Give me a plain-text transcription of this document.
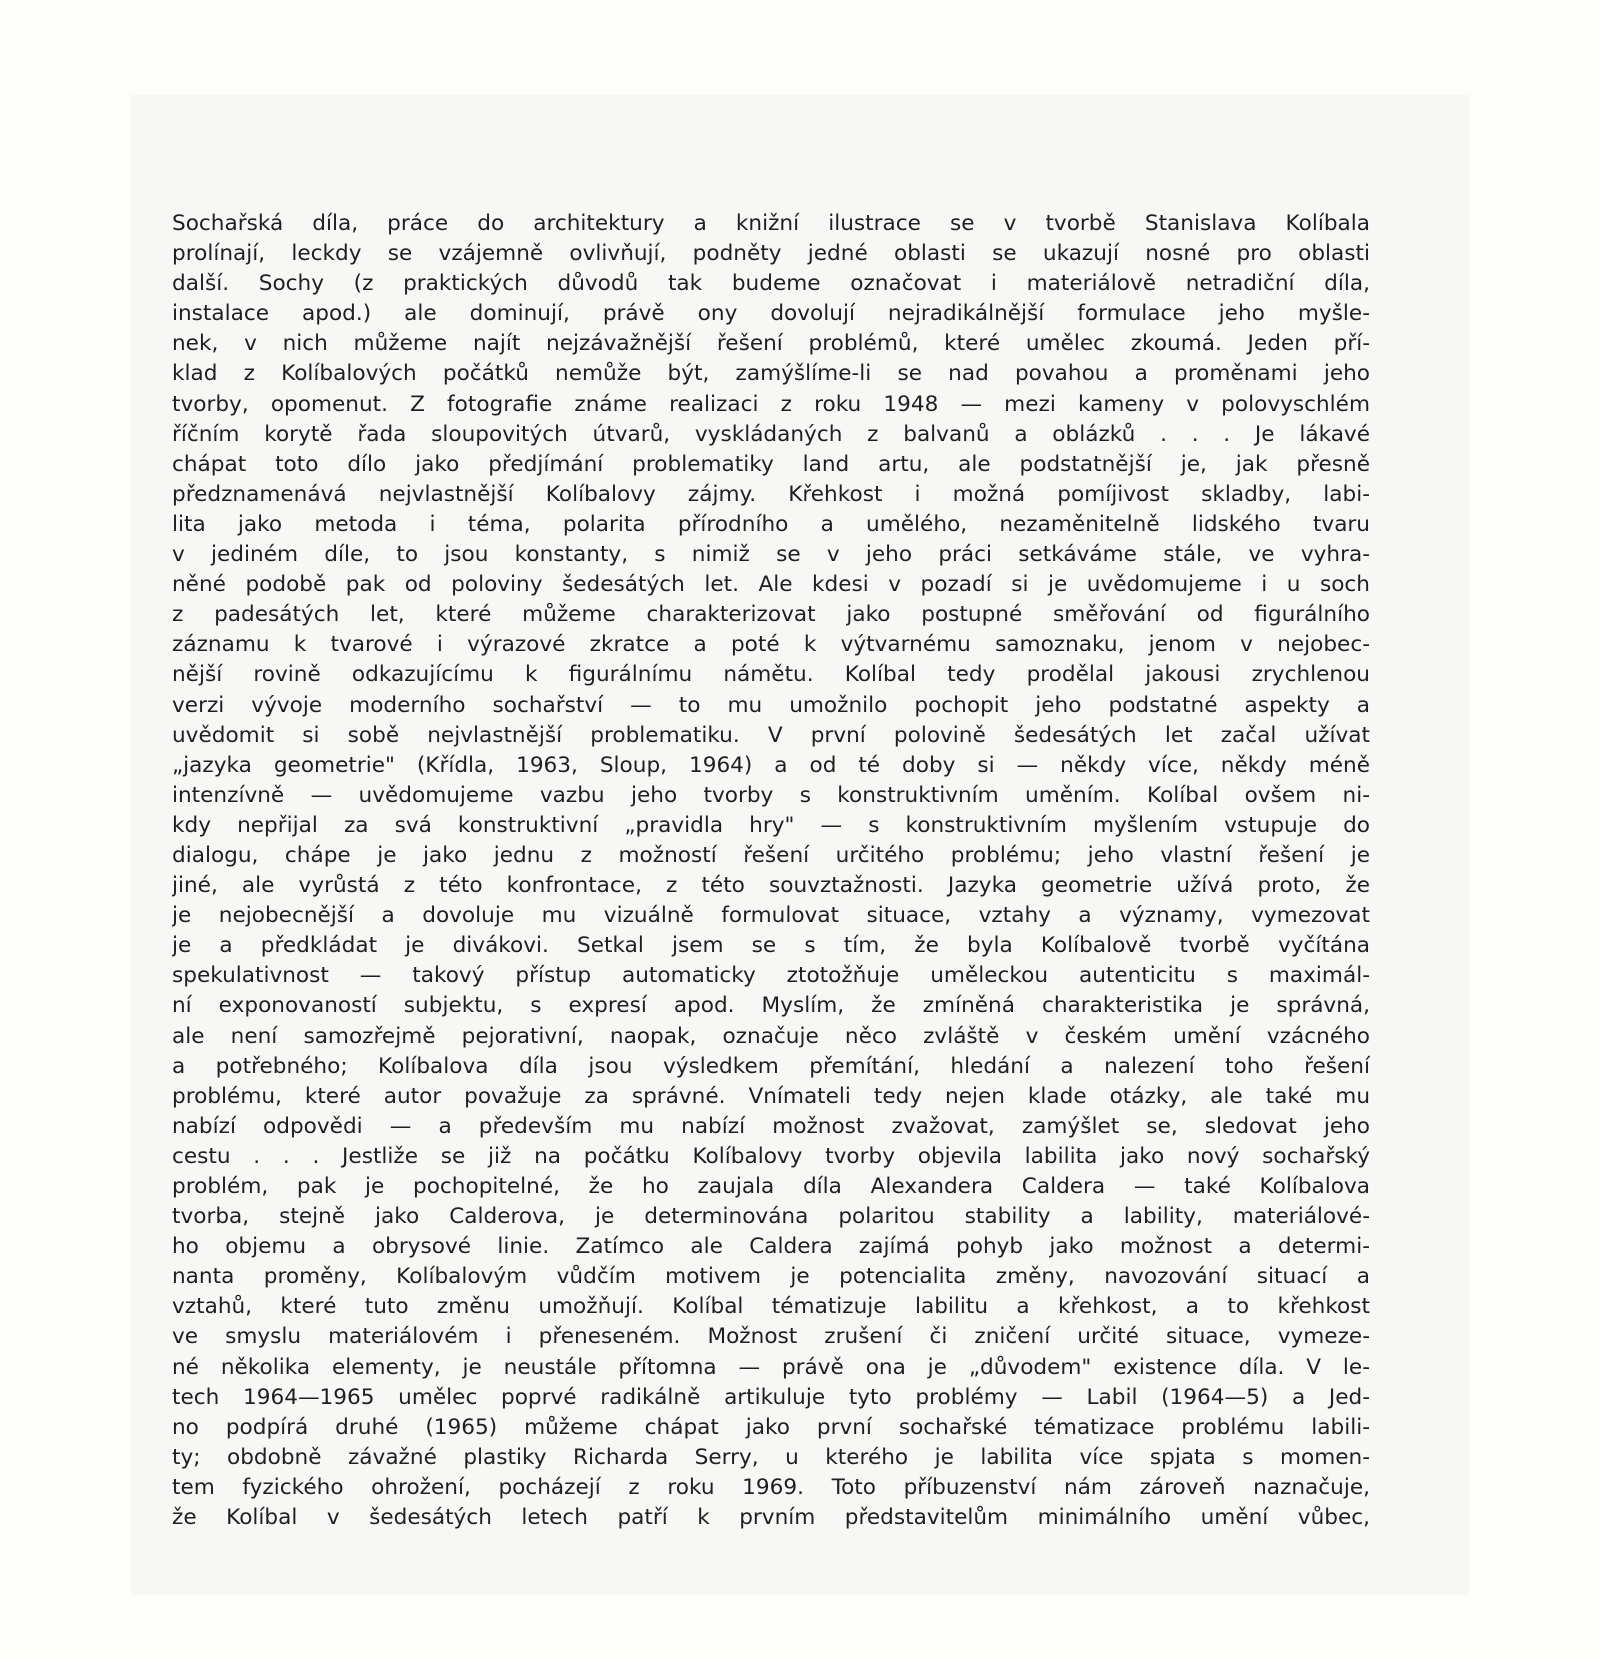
Sochařská díla, práce do architektury a knižní ilustrace se v tvorbě Stanislava Kolíbala
prolínají, leckdy se vzájemně ovlivňují, podněty jedné oblasti se ukazují nosné pro oblasti
další. Sochy (z praktických důvodů tak budeme označovat i materiálově netradiční díla,
instalace apod.) ale dominují, právě ony dovolují nejradikálnější formulace jeho myšle-
nek, v nich můžeme najít nejzávažnější řešení problémů, které umělec zkoumá. Jeden pří-
klad z Kolíbalových počátků nemůže být, zamýšlíme-li se nad povahou a proměnami jeho
tvorby, opomenut. Z fotografie známe realizaci z roku 1948 — mezi kameny v polovyschlém
říčním korytě řada sloupovitých útvarů, vyskládaných z balvanů a oblázků . . . Je lákavé
chápat toto dílo jako předjímání problematiky land artu, ale podstatnější je, jak přesně
předznamenává nejvlastnější Kolíbalovy zájmy. Křehkost i možná pomíjivost skladby, labi-
lita jako metoda i téma, polarita přírodního a umělého, nezaměnitelně lidského tvaru
v jediném díle, to jsou konstanty, s nimiž se v jeho práci setkáváme stále, ve vyhra-
něné podobě pak od poloviny šedesátých let. Ale kdesi v pozadí si je uvědomujeme i u soch
z padesátých let, které můžeme charakterizovat jako postupné směřování od figurálního
záznamu k tvarové i výrazové zkratce a poté k výtvarnému samoznaku, jenom v nejobec-
nější rovině odkazujícímu k figurálnímu námětu. Kolíbal tedy prodělal jakousi zrychlenou
verzi vývoje moderního sochařství — to mu umožnilo pochopit jeho podstatné aspekty a
uvědomit si sobě nejvlastnější problematiku. V první polovině šedesátých let začal užívat
„jazyka geometrie" (Křídla, 1963, Sloup, 1964) a od té doby si — někdy více, někdy méně
intenzívně — uvědomujeme vazbu jeho tvorby s konstruktivním uměním. Kolíbal ovšem ni-
kdy nepřijal za svá konstruktivní „pravidla hry" — s konstruktivním myšlením vstupuje do
dialogu, chápe je jako jednu z možností řešení určitého problému; jeho vlastní řešení je
jiné, ale vyrůstá z této konfrontace, z této souvztažnosti. Jazyka geometrie užívá proto, že
je nejobecnější a dovoluje mu vizuálně formulovat situace, vztahy a významy, vymezovat
je a předkládat je divákovi. Setkal jsem se s tím, že byla Kolíbalově tvorbě vyčítána
spekulativnost — takový přístup automaticky ztotožňuje uměleckou autenticitu s maximál-
ní exponovaností subjektu, s expresí apod. Myslím, že zmíněná charakteristika je správná,
ale není samozřejmě pejorativní, naopak, označuje něco zvláště v českém umění vzácného
a potřebného; Kolíbalova díla jsou výsledkem přemítání, hledání a nalezení toho řešení
problému, které autor považuje za správné. Vnímateli tedy nejen klade otázky, ale také mu
nabízí odpovědi — a především mu nabízí možnost zvažovat, zamýšlet se, sledovat jeho
cestu . . . Jestliže se již na počátku Kolíbalovy tvorby objevila labilita jako nový sochařský
problém, pak je pochopitelné, že ho zaujala díla Alexandera Caldera — také Kolíbalova
tvorba, stejně jako Calderova, je determinována polaritou stability a lability, materiálové-
ho objemu a obrysové linie. Zatímco ale Caldera zajímá pohyb jako možnost a determi-
nanta proměny, Kolíbalovým vůdčím motivem je potencialita změny, navozování situací a
vztahů, které tuto změnu umožňují. Kolíbal tématizuje labilitu a křehkost, a to křehkost
ve smyslu materiálovém i přeneseném. Možnost zrušení či zničení určité situace, vymeze-
né několika elementy, je neustále přítomna — právě ona je „důvodem" existence díla. V le-
tech 1964—1965 umělec poprvé radikálně artikuluje tyto problémy — Labil (1964—5) a Jed-
no podpírá druhé (1965) můžeme chápat jako první sochařské tématizace problému labili-
ty; obdobně závažné plastiky Richarda Serry, u kterého je labilita více spjata s momen-
tem fyzického ohrožení, pocházejí z roku 1969. Toto příbuzenství nám zároveň naznačuje,
že Kolíbal v šedesátých letech patří k prvním představitelům minimálního umění vůbec,
